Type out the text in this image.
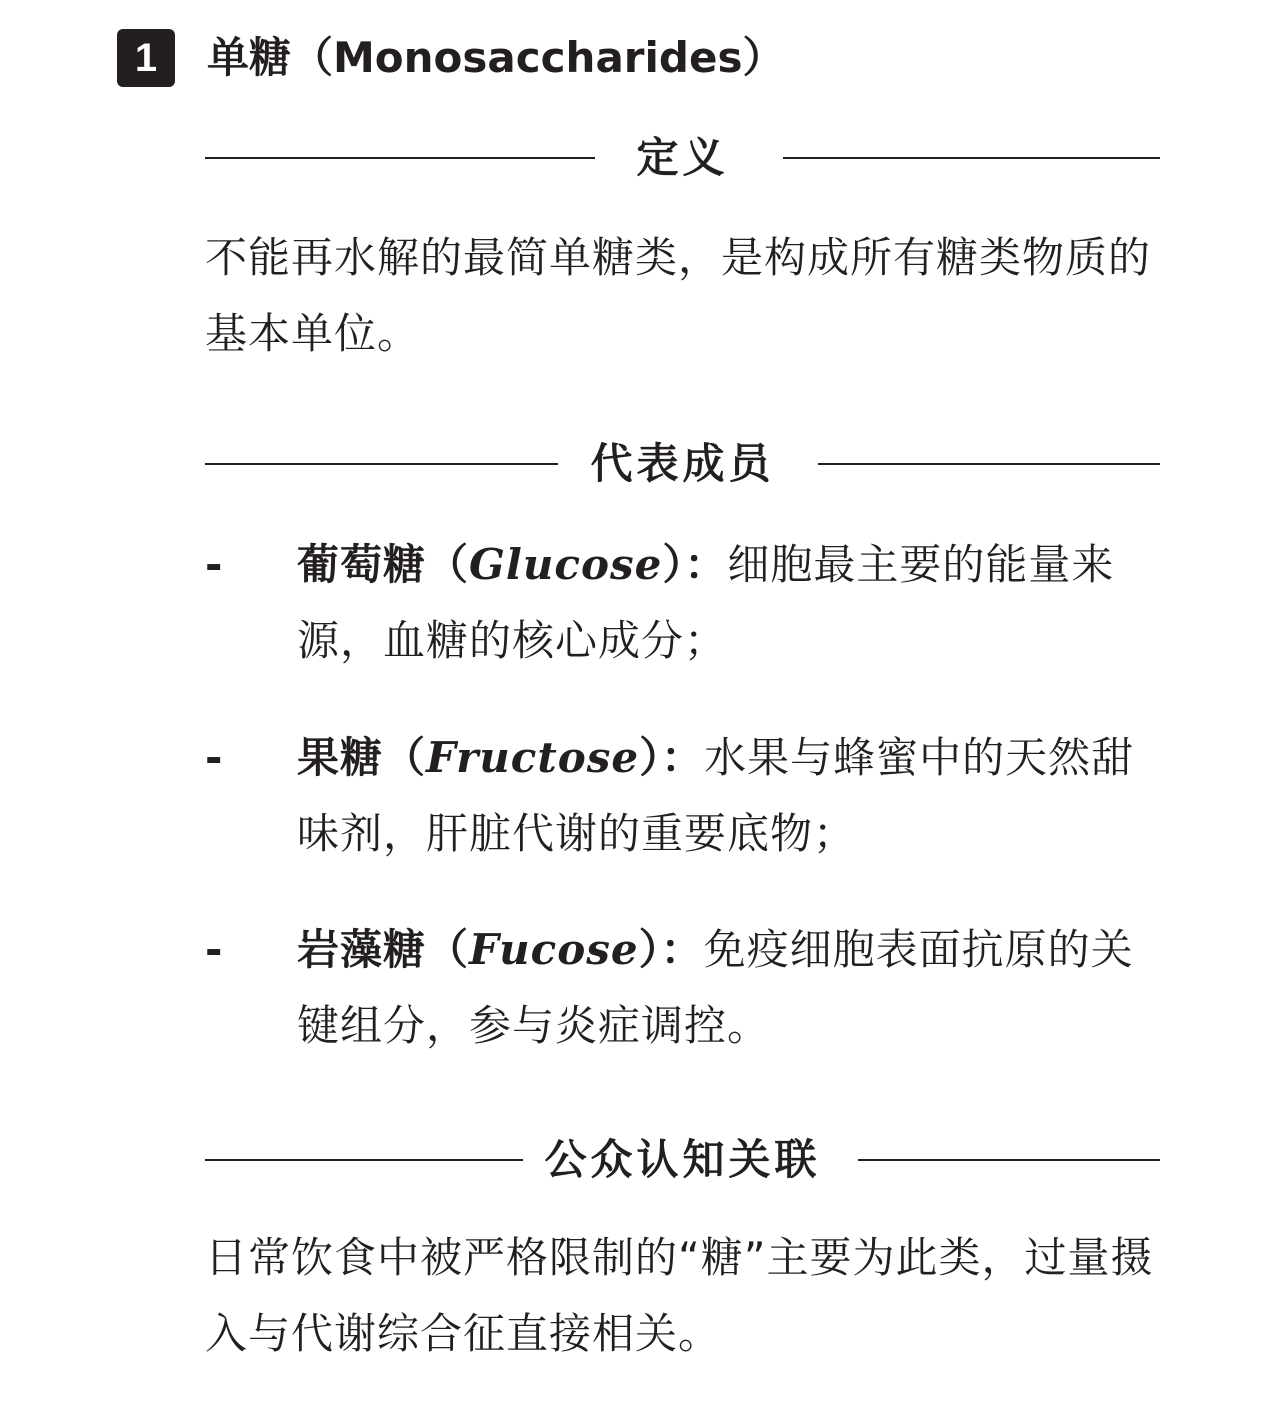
1	单糖（Monosaccharides）
定义
不能再水解的最简单糖类，是构成所有糖类物质的基本单位。
代表成员
- 葡萄糖（Glucose）：细胞最主要的能量来源，血糖的核心成分；
- 果糖（Fructose）：水果与蜂蜜中的天然甜味剂，肝脏代谢的重要底物；
- 岩藻糖（Fucose）：免疫细胞表面抗原的关键组分，参与炎症调控。
公众认知关联
日常饮食中被严格限制的“糖”主要为此类，过量摄入与代谢综合征直接相关。
